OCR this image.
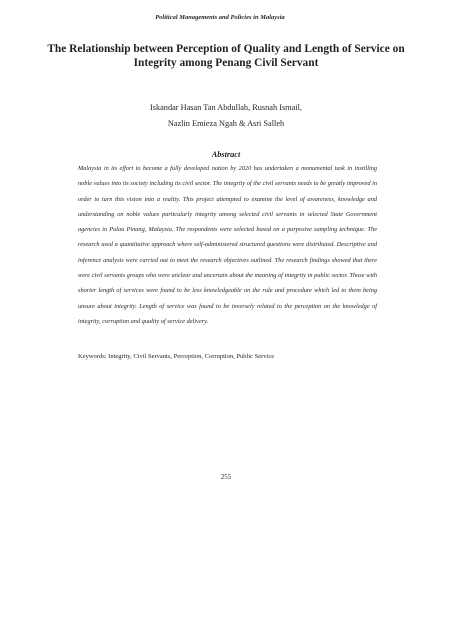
Political Managements and Policies in Malaysia
The Relationship between Perception of Quality and Length of Service on Integrity among Penang Civil Servant
Iskandar Hasan Tan Abdullah, Rusnah Ismail,
Nazlin Emieza Ngah & Asri Salleh
Abstract
Malaysia in its effort to become a fully developed nation by 2020 has undertaken a monumental task in instilling noble values into its society including its civil sector. The integrity of the civil servants needs to be greatly improved in order to turn this vision into a reality. This project attempted to examine the level of awareness, knowledge and understanding on noble values particularly integrity among selected civil servants in selected State Government agencies in Pulau Pinang, Malaysia. The respondents were selected based on a purposive sampling technique. The research used a quantitative approach where self-administered structured questions were distributed. Descriptive and inference analysis were carried out to meet the research objectives outlined. The research findings showed that there were civil servants groups who were unclear and uncertain about the meaning of integrity in public sector. Those with shorter length of services were found to be less knowledgeable on the rule and procedure which led to them being unsure about integrity. Length of service was found to be inversely related to the perception on the knowledge of integrity, corruption and quality of service delivery.
Keywords: Integrity, Civil Servants, Perception, Corruption, Public Service
255
